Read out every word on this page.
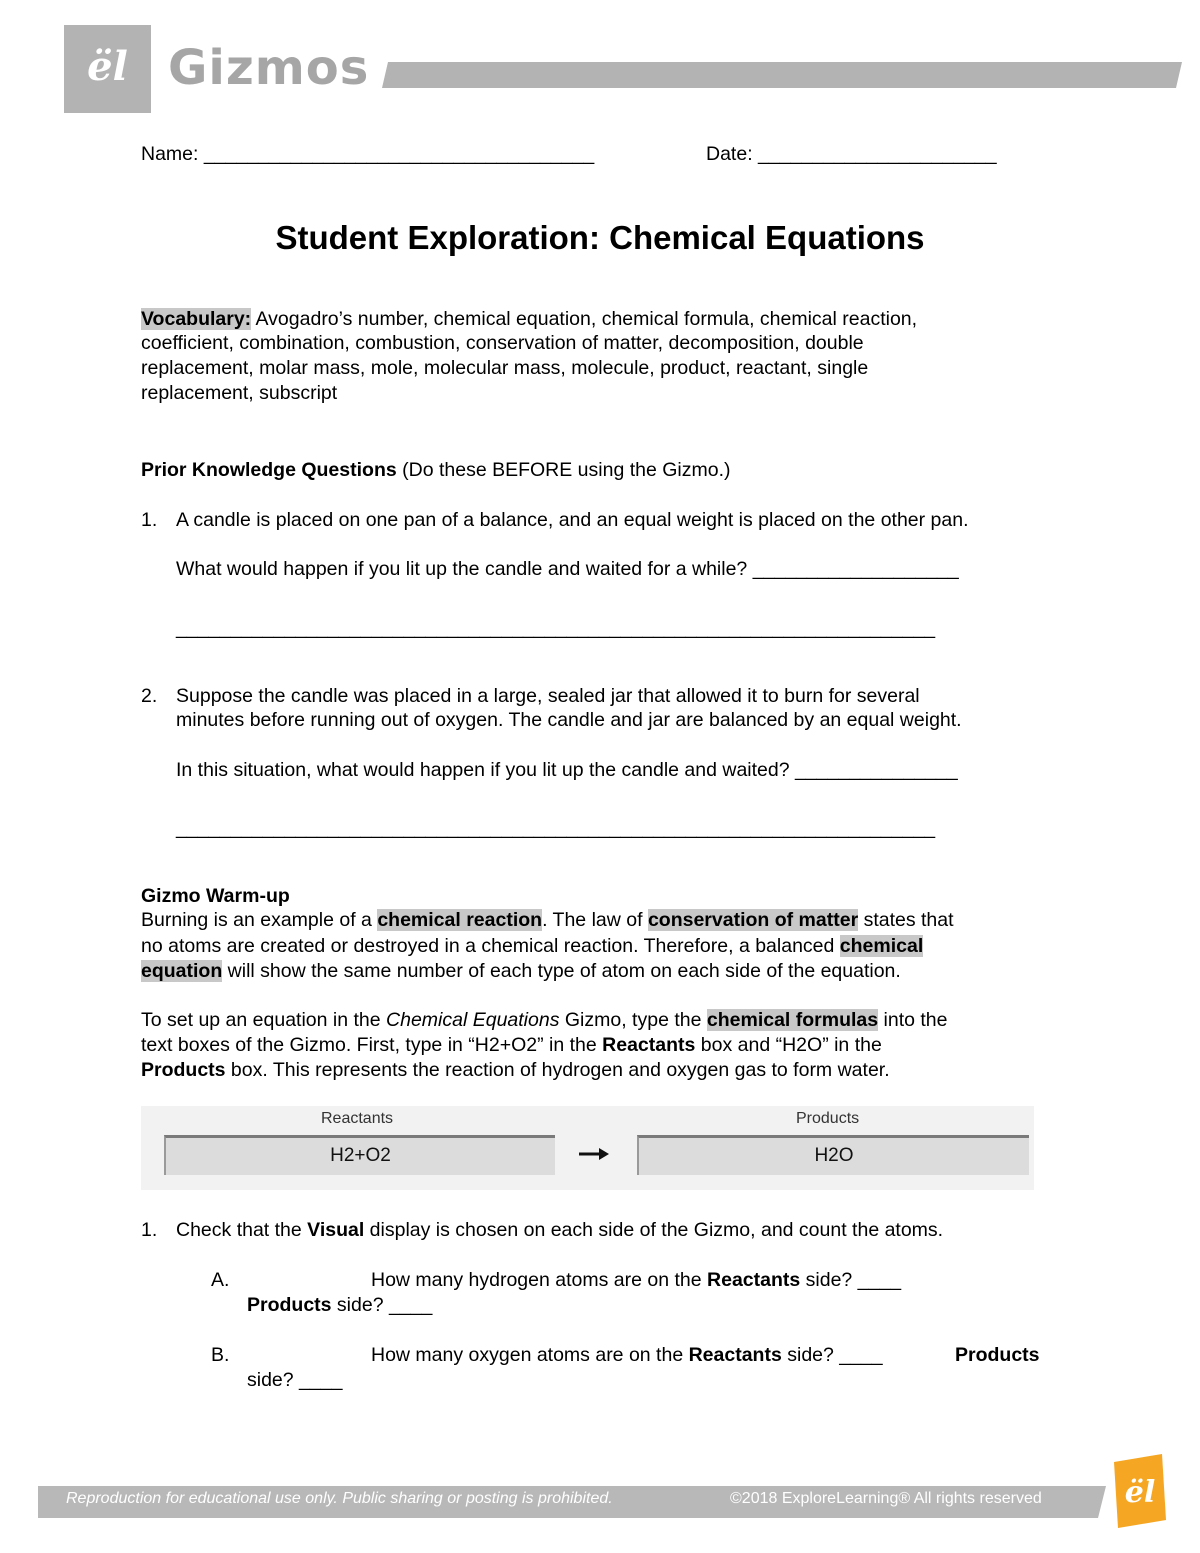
ël Gizmos
Name: ____________________________________	Date: ______________________
Student Exploration: Chemical Equations
Vocabulary: Avogadro’s number, chemical equation, chemical formula, chemical reaction,
coefficient, combination, combustion, conservation of matter, decomposition, double
replacement, molar mass, mole, molecular mass, molecule, product, reactant, single
replacement, subscript
Prior Knowledge Questions (Do these BEFORE using the Gizmo.)
1. A candle is placed on one pan of a balance, and an equal weight is placed on the other pan.
What would happen if you lit up the candle and waited for a while? ___________________
______________________________________________________________________
2. Suppose the candle was placed in a large, sealed jar that allowed it to burn for several
minutes before running out of oxygen. The candle and jar are balanced by an equal weight.
In this situation, what would happen if you lit up the candle and waited? _______________
______________________________________________________________________
Gizmo Warm-up
Burning is an example of a chemical reaction. The law of conservation of matter states that
no atoms are created or destroyed in a chemical reaction. Therefore, a balanced chemical
equation will show the same number of each type of atom on each side of the equation.
To set up an equation in the Chemical Equations Gizmo, type the chemical formulas into the
text boxes of the Gizmo. First, type in “H2+O2” in the Reactants box and “H2O” in the
Products box. This represents the reaction of hydrogen and oxygen gas to form water.
Reactants	Products
H2+O2	H2O
1. Check that the Visual display is chosen on each side of the Gizmo, and count the atoms.
A.	How many hydrogen atoms are on the Reactants side? ____
Products side? ____
B.	How many oxygen atoms are on the Reactants side? ____	Products
side? ____
Reproduction for educational use only. Public sharing or posting is prohibited.	©2018 ExploreLearning® All rights reserved	ël
